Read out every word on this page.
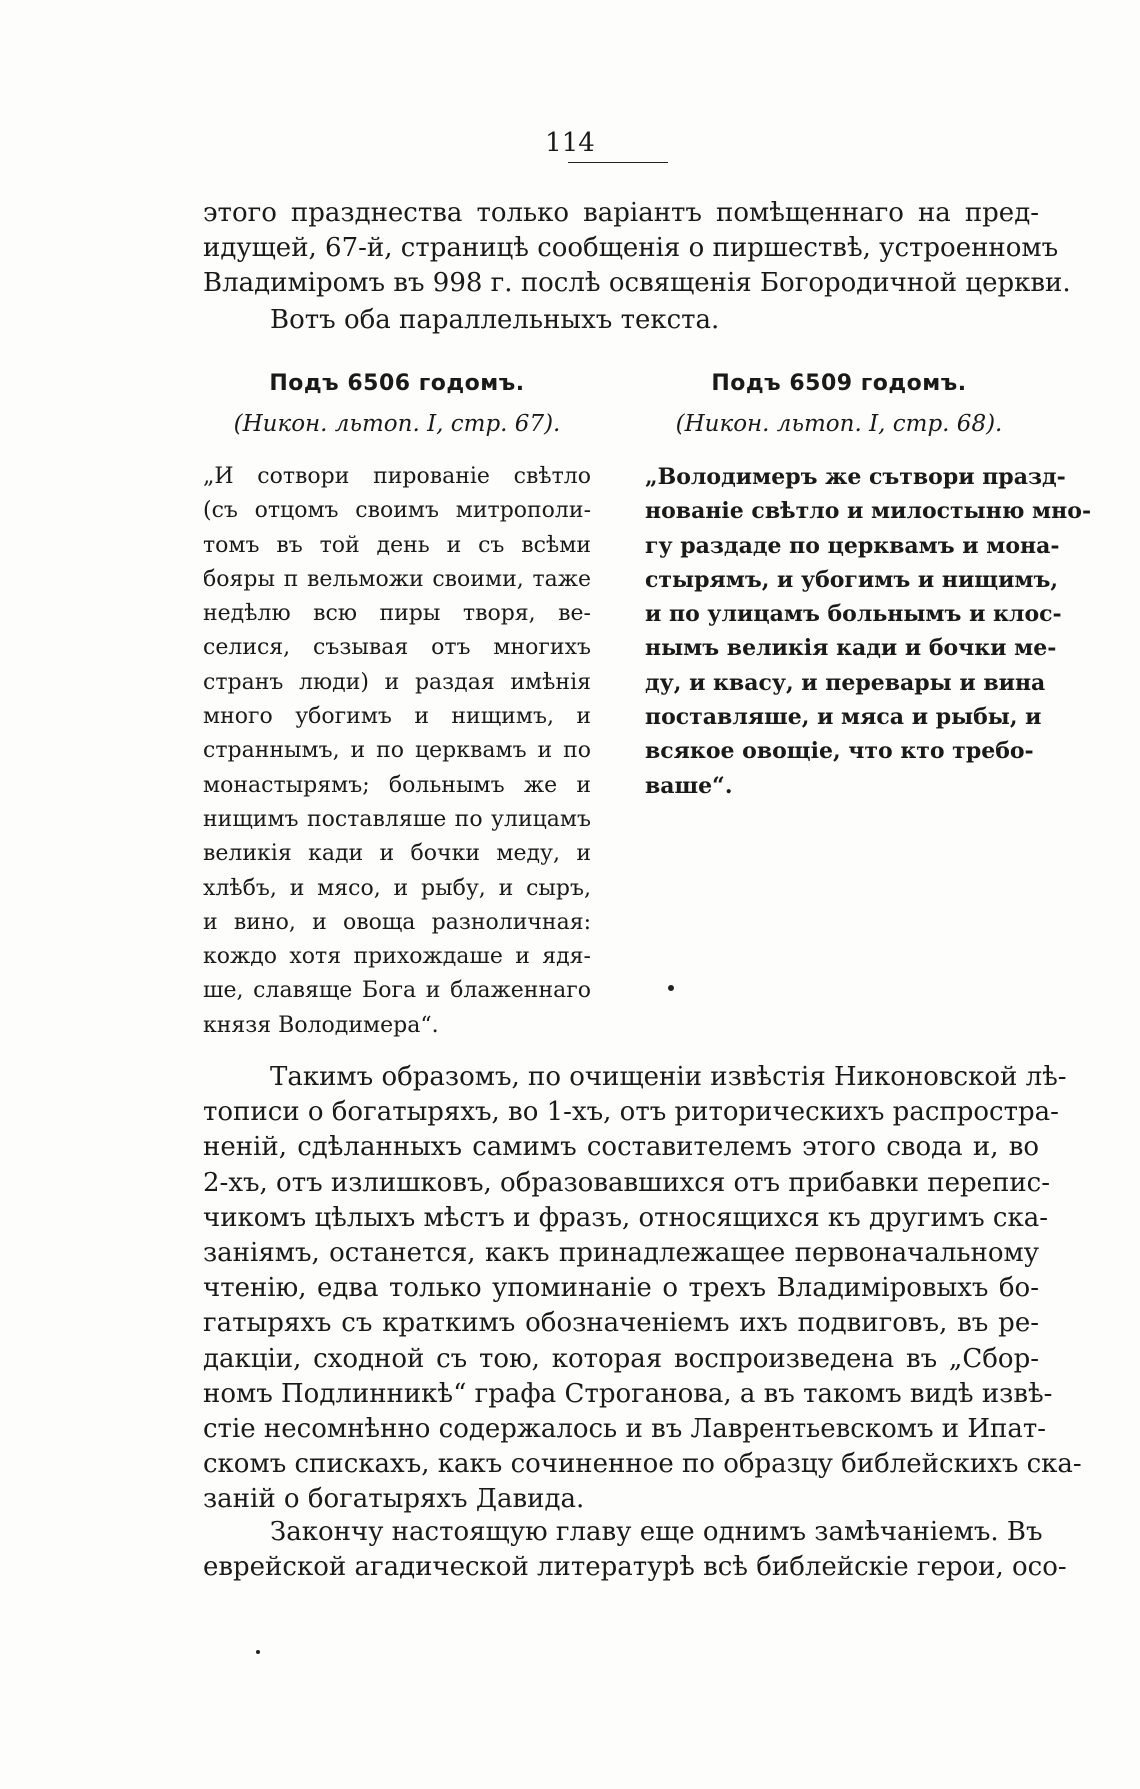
114
этого празднества только варіантъ помѣщеннаго на пред-
идущей, 67-й, страницѣ сообщенія о пиршествѣ, устроенномъ
Владиміромъ въ 998 г. послѣ освященія Богородичной церкви.
Вотъ оба параллельныхъ текста.
Подъ 6506 годомъ.
(Никон. льтоп. I, стр. 67).
„И сотвори пированіе свѣтло
(съ отцомъ своимъ митрополи-
томъ въ той день и съ всѣми
бояры п вельможи своими, таже
недѣлю всю пиры творя, ве-
селися, съзывая отъ многихъ
странъ люди) и раздая имѣнія
много убогимъ и нищимъ, и
страннымъ, и по церквамъ и по
монастырямъ; больнымъ же и
нищимъ поставляше по улицамъ
великія кади и бочки меду, и
хлѣбъ, и мясо, и рыбу, и сыръ,
и вино, и овоща разноличная:
кождо хотя прихождаше и ядя-
ше, славяще Бога и блаженнаго
князя Володимера“.
Подъ 6509 годомъ.
(Никон. льтоп. I, стр. 68).
„Володимеръ же сътвори празд-
нованіе свѣтло и милостыню мно-
гу раздаде по церквамъ и мона-
стырямъ, и убогимъ и нищимъ,
и по улицамъ больнымъ и клос-
нымъ великія кади и бочки ме-
ду, и квасу, и перевары и вина
поставляше, и мяса и рыбы, и
всякое овощіе, что кто требо-
ваше“.
Такимъ образомъ, по очищеніи извѣстія Никоновской лѣ-
тописи о богатыряхъ, во 1-хъ, отъ риторическихъ распростра-
неній, сдѣланныхъ самимъ составителемъ этого свода и, во
2-хъ, отъ излишковъ, образовавшихся отъ прибавки перепис-
чикомъ цѣлыхъ мѣстъ и фразъ, относящихся къ другимъ ска-
заніямъ, останется, какъ принадлежащее первоначальному
чтенію, едва только упоминаніе о трехъ Владиміровыхъ бо-
гатыряхъ съ краткимъ обозначеніемъ ихъ подвиговъ, въ ре-
дакціи, сходной съ тою, которая воспроизведена въ „Сбор-
номъ Подлинникѣ“ графа Строганова, а въ такомъ видѣ извѣ-
стіе несомнѣнно содержалось и въ Лаврентьевскомъ и Ипат-
скомъ спискахъ, какъ сочиненное по образцу библейскихъ ска-
заній о богатыряхъ Давида.
Закончу настоящую главу еще однимъ замѣчаніемъ. Въ
еврейской агадической литературѣ всѣ библейскіе герои, осо-
